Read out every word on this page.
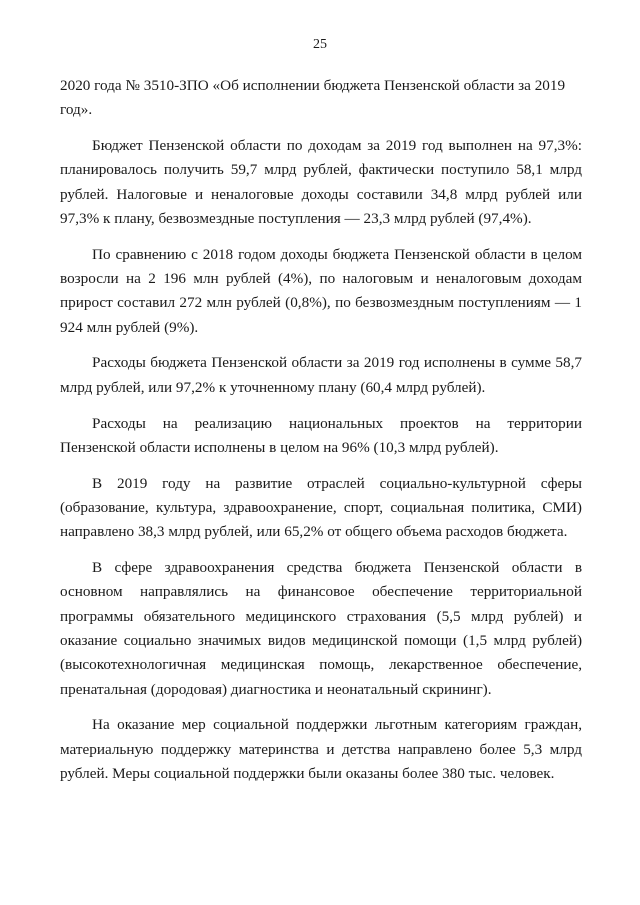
25

2020 года № 3510-ЗПО «Об исполнении бюджета Пензенской области за 2019 год».

Бюджет Пензенской области по доходам за 2019 год выполнен на 97,3%: планировалось получить 59,7 млрд рублей, фактически поступило 58,1 млрд рублей. Налоговые и неналоговые доходы составили 34,8 млрд рублей или 97,3% к плану, безвозмездные поступления — 23,3 млрд рублей (97,4%).

По сравнению с 2018 годом доходы бюджета Пензенской области в целом возросли на 2 196 млн рублей (4%), по налоговым и неналоговым доходам прирост составил 272 млн рублей (0,8%), по безвозмездным поступлениям — 1 924 млн рублей (9%).

Расходы бюджета Пензенской области за 2019 год исполнены в сумме 58,7 млрд рублей, или 97,2% к уточненному плану (60,4 млрд рублей).

Расходы на реализацию национальных проектов на территории Пензенской области исполнены в целом на 96% (10,3 млрд рублей).

В 2019 году на развитие отраслей социально-культурной сферы (образование, культура, здравоохранение, спорт, социальная политика, СМИ) направлено 38,3 млрд рублей, или 65,2% от общего объема расходов бюджета.

В сфере здравоохранения средства бюджета Пензенской области в основном направлялись на финансовое обеспечение территориальной программы обязательного медицинского страхования (5,5 млрд рублей) и оказание социально значимых видов медицинской помощи (1,5 млрд рублей) (высокотехнологичная медицинская помощь, лекарственное обеспечение, пренатальная (дородовая) диагностика и неонатальный скрининг).

На оказание мер социальной поддержки льготным категориям граждан, материальную поддержку материнства и детства направлено более 5,3 млрд рублей. Меры социальной поддержки были оказаны более 380 тыс. человек.
